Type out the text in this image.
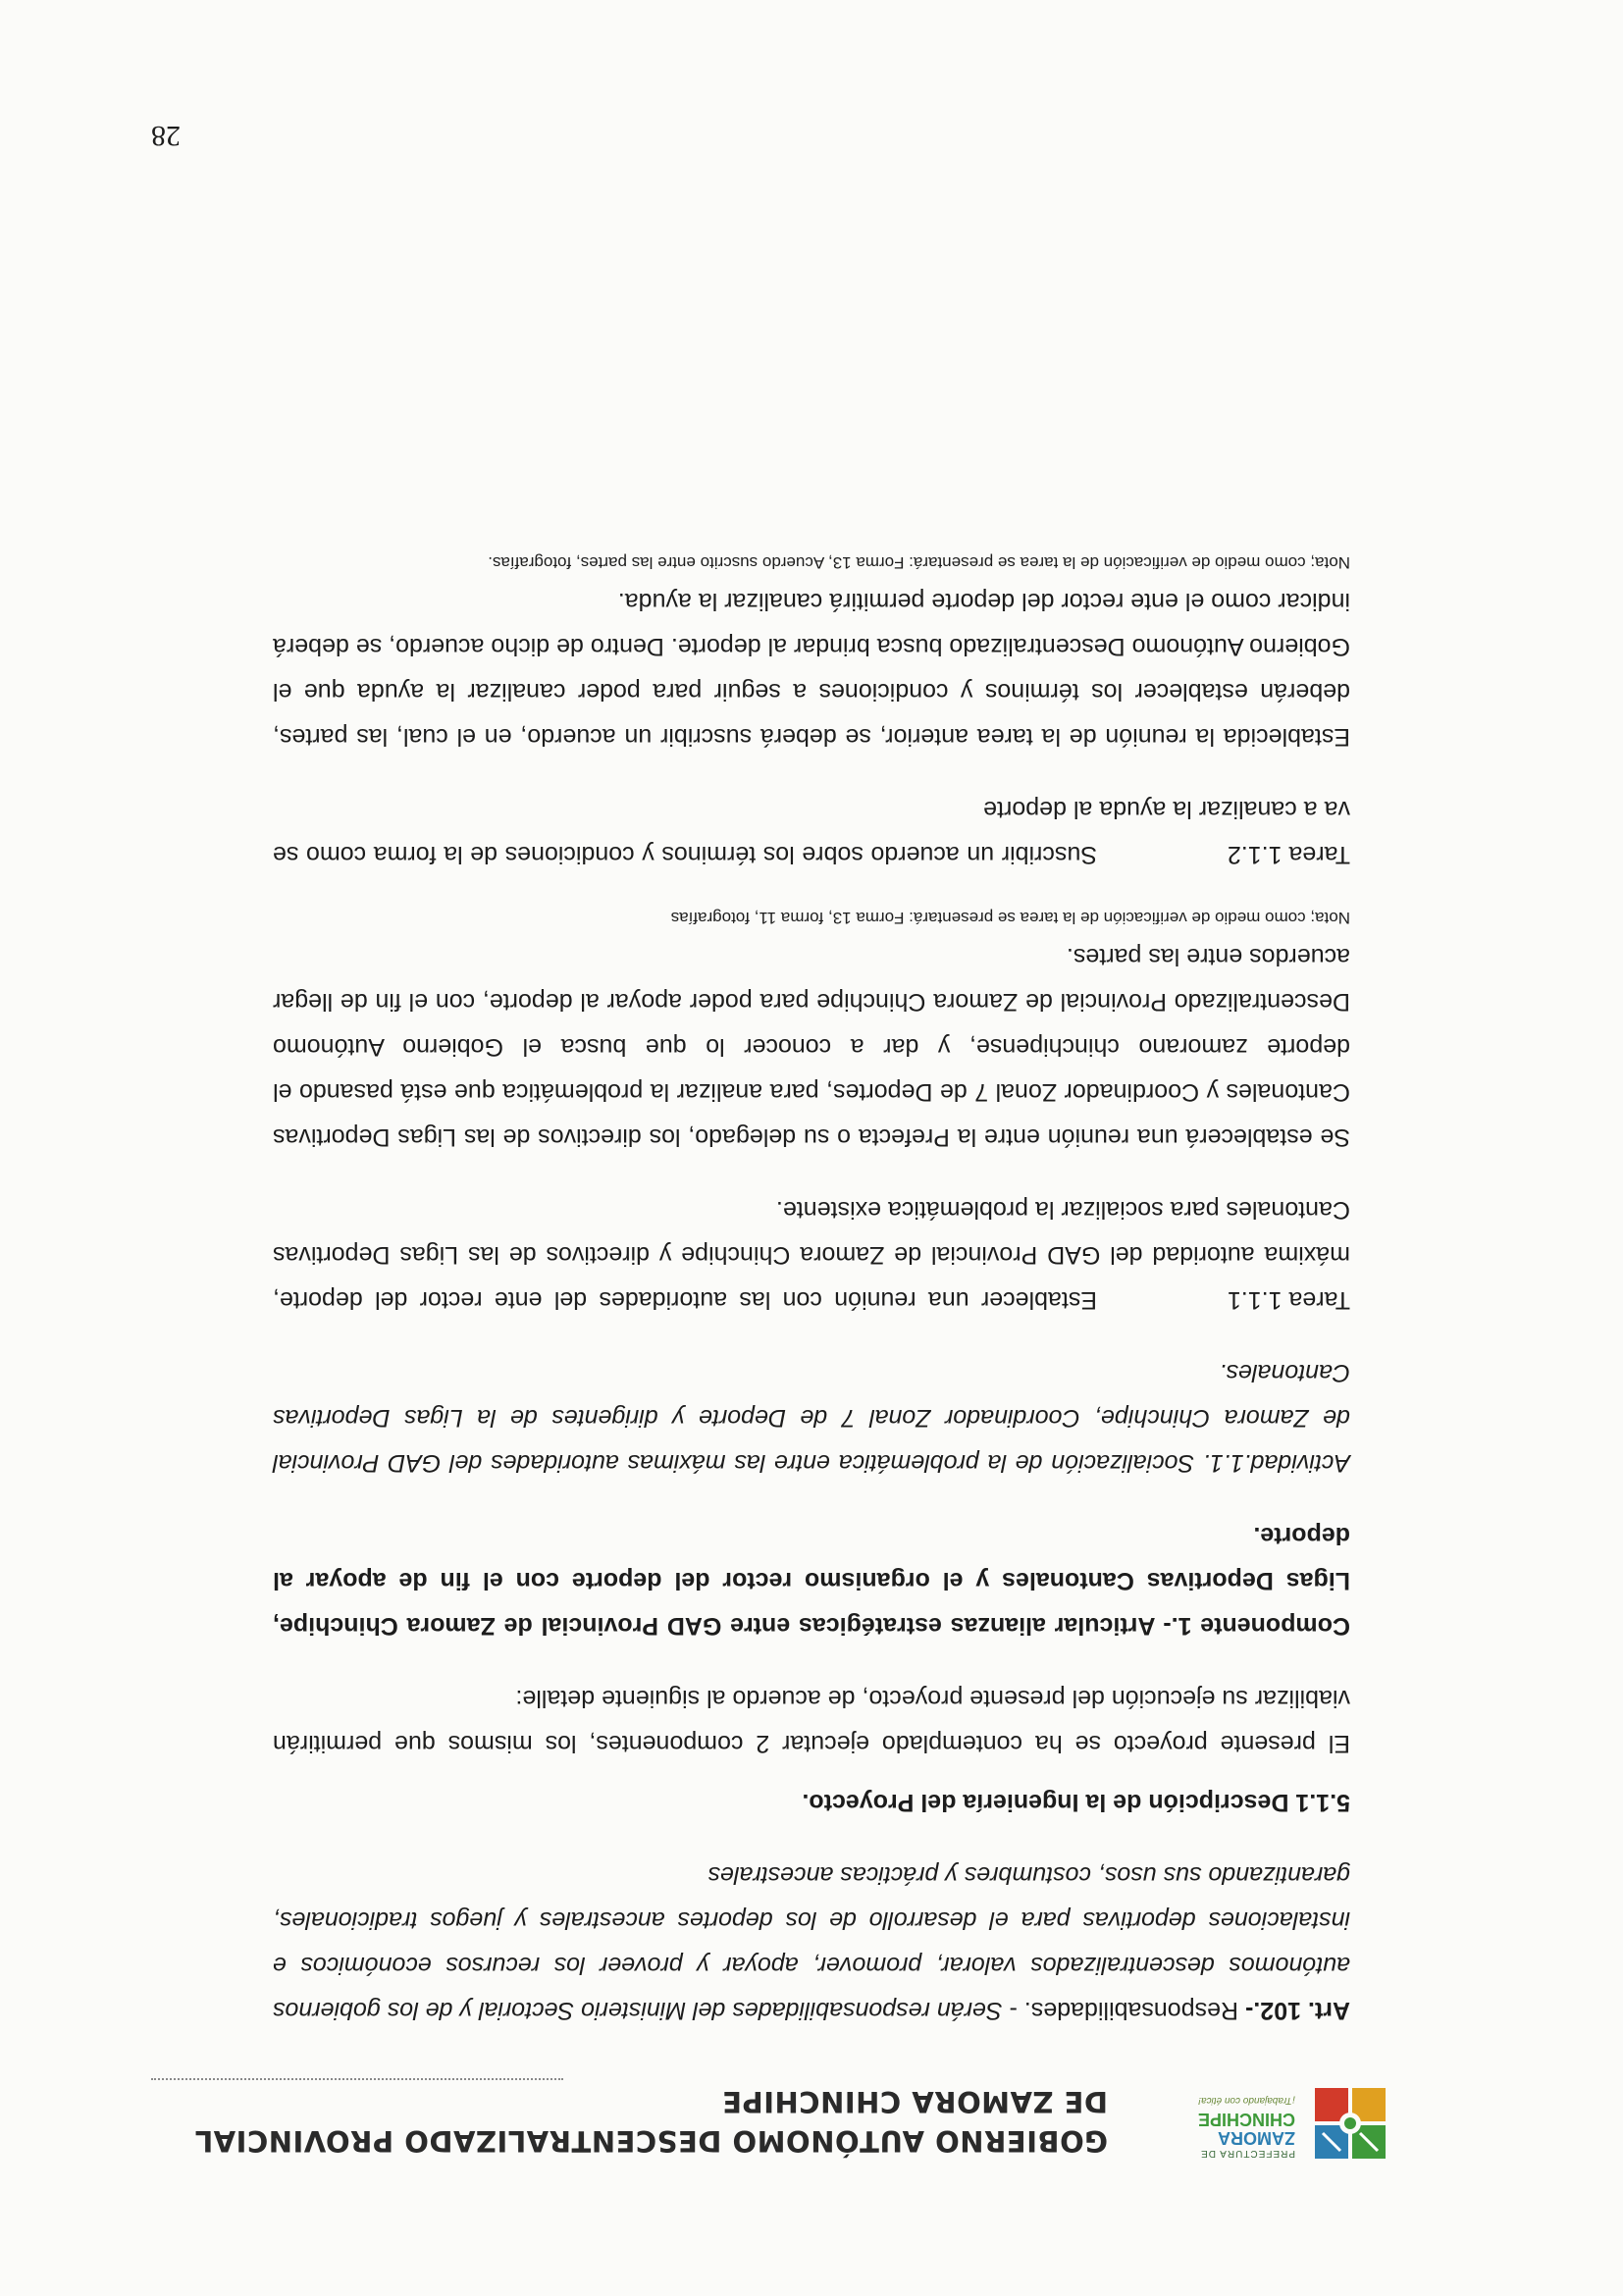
PREFECTURA DE
ZAMORA
CHINCHIPE
¡Trabajando con ética!
GOBIERNO AUTÓNOMO DESCENTRALIZADO PROVINCIAL
DE ZAMORA CHINCHIPE

Art. 102.- Responsabilidades. - Serán responsabilidades del Ministerio Sectorial y de los gobiernos autónomos descentralizados valorar, promover, apoyar y proveer los recursos económicos e instalaciones deportivas para el desarrollo de los deportes ancestrales y juegos tradicionales, garantizando sus usos, costumbres y prácticas ancestrales

5.1.1 Descripción de la Ingeniería del Proyecto.

El presente proyecto se ha contemplado ejecutar 2 componentes, los mismos que permitirán viabilizar su ejecución del presente proyecto, de acuerdo al siguiente detalle:

Componente 1.- Articular alianzas estratégicas entre GAD Provincial de Zamora Chinchipe, Ligas Deportivas Cantonales y el organismo rector del deporte con el fin de apoyar al deporte.

Actividad.1.1. Socialización de la problemática entre las máximas autoridades del GAD Provincial de Zamora Chinchipe, Coordinador Zonal 7 de Deporte y dirigentes de la Ligas Deportivas Cantonales.

Tarea 1.1.1Establecer una reunión con las autoridades del ente rector del deporte, máxima autoridad del GAD Provincial de Zamora Chinchipe y directivos de las Ligas Deportivas Cantonales para socializar la problemática existente.

Se establecerá una reunión entre la Prefecta o su delegado, los directivos de las Ligas Deportivas Cantonales y Coordinador Zonal 7 de Deportes, para analizar la problemática que está pasando el deporte zamorano chinchipense, y dar a conocer lo que busca el Gobierno Autónomo Descentralizado Provincial de Zamora Chinchipe para poder apoyar al deporte, con el fin de llegar acuerdos entre las partes.

Nota; como medio de verificación de la tarea se presentará: Forma 13, forma 11, fotografías

Tarea 1.1.2Suscribir un acuerdo sobre los términos y condiciones de la forma como se va a canalizar la ayuda al deporte

Establecida la reunión de la tarea anterior, se deberá suscribir un acuerdo, en el cual, las partes, deberán establecer los términos y condiciones a seguir para poder canalizar la ayuda que el Gobierno Autónomo Descentralizado busca brindar al deporte. Dentro de dicho acuerdo, se deberá indicar como el ente rector del deporte permitirá canalizar la ayuda.

Nota; como medio de verificación de la tarea se presentará: Forma 13, Acuerdo suscrito entre las partes, fotografías.

28
